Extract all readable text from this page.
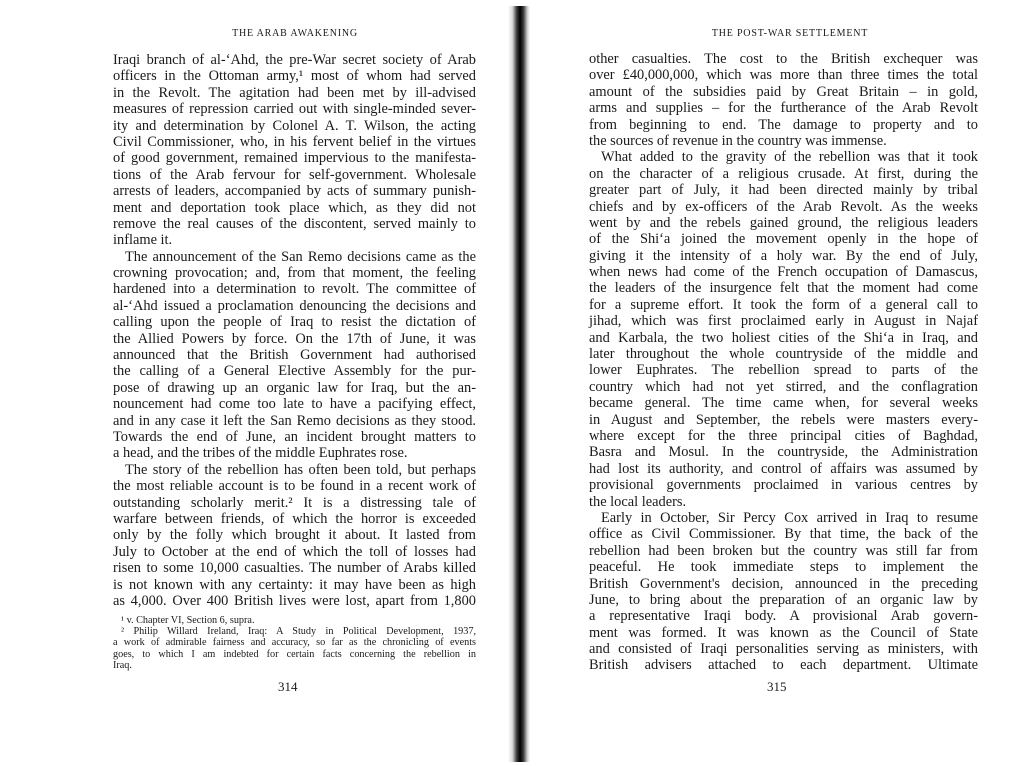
THE ARAB AWAKENING
Iraqi branch of al-‘Ahd, the pre-War secret society of Arab
officers in the Ottoman army,¹ most of whom had served
in the Revolt. The agitation had been met by ill-advised
measures of repression carried out with single-minded sever-
ity and determination by Colonel A. T. Wilson, the acting
Civil Commissioner, who, in his fervent belief in the virtues
of good government, remained impervious to the manifesta-
tions of the Arab fervour for self-government. Wholesale
arrests of leaders, accompanied by acts of summary punish-
ment and deportation took place which, as they did not
remove the real causes of the discontent, served mainly to
inflame it.
The announcement of the San Remo decisions came as the
crowning provocation; and, from that moment, the feeling
hardened into a determination to revolt. The committee of
al-‘Ahd issued a proclamation denouncing the decisions and
calling upon the people of Iraq to resist the dictation of
the Allied Powers by force. On the 17th of June, it was
announced that the British Government had authorised
the calling of a General Elective Assembly for the pur-
pose of drawing up an organic law for Iraq, but the an-
nouncement had come too late to have a pacifying effect,
and in any case it left the San Remo decisions as they stood.
Towards the end of June, an incident brought matters to
a head, and the tribes of the middle Euphrates rose.
The story of the rebellion has often been told, but perhaps
the most reliable account is to be found in a recent work of
outstanding scholarly merit.² It is a distressing tale of
warfare between friends, of which the horror is exceeded
only by the folly which brought it about. It lasted from
July to October at the end of which the toll of losses had
risen to some 10,000 casualties. The number of Arabs killed
is not known with any certainty: it may have been as high
as 4,000. Over 400 British lives were lost, apart from 1,800
¹ v. Chapter VI, Section 6, supra.
² Philip Willard Ireland, Iraq: A Study in Political Development, 1937,
a work of admirable fairness and accuracy, so far as the chronicling of events
goes, to which I am indebted for certain facts concerning the rebellion in
Iraq.
314
THE POST-WAR SETTLEMENT
other casualties. The cost to the British exchequer was
over £40,000,000, which was more than three times the total
amount of the subsidies paid by Great Britain – in gold,
arms and supplies – for the furtherance of the Arab Revolt
from beginning to end. The damage to property and to
the sources of revenue in the country was immense.
What added to the gravity of the rebellion was that it took
on the character of a religious crusade. At first, during the
greater part of July, it had been directed mainly by tribal
chiefs and by ex-officers of the Arab Revolt. As the weeks
went by and the rebels gained ground, the religious leaders
of the Shi‘a joined the movement openly in the hope of
giving it the intensity of a holy war. By the end of July,
when news had come of the French occupation of Damascus,
the leaders of the insurgence felt that the moment had come
for a supreme effort. It took the form of a general call to
jihad, which was first proclaimed early in August in Najaf
and Karbala, the two holiest cities of the Shi‘a in Iraq, and
later throughout the whole countryside of the middle and
lower Euphrates. The rebellion spread to parts of the
country which had not yet stirred, and the conflagration
became general. The time came when, for several weeks
in August and September, the rebels were masters every-
where except for the three principal cities of Baghdad,
Basra and Mosul. In the countryside, the Administration
had lost its authority, and control of affairs was assumed by
provisional governments proclaimed in various centres by
the local leaders.
Early in October, Sir Percy Cox arrived in Iraq to resume
office as Civil Commissioner. By that time, the back of the
rebellion had been broken but the country was still far from
peaceful. He took immediate steps to implement the
British Government's decision, announced in the preceding
June, to bring about the preparation of an organic law by
a representative Iraqi body. A provisional Arab govern-
ment was formed. It was known as the Council of State
and consisted of Iraqi personalities serving as ministers, with
British advisers attached to each department. Ultimate
315
